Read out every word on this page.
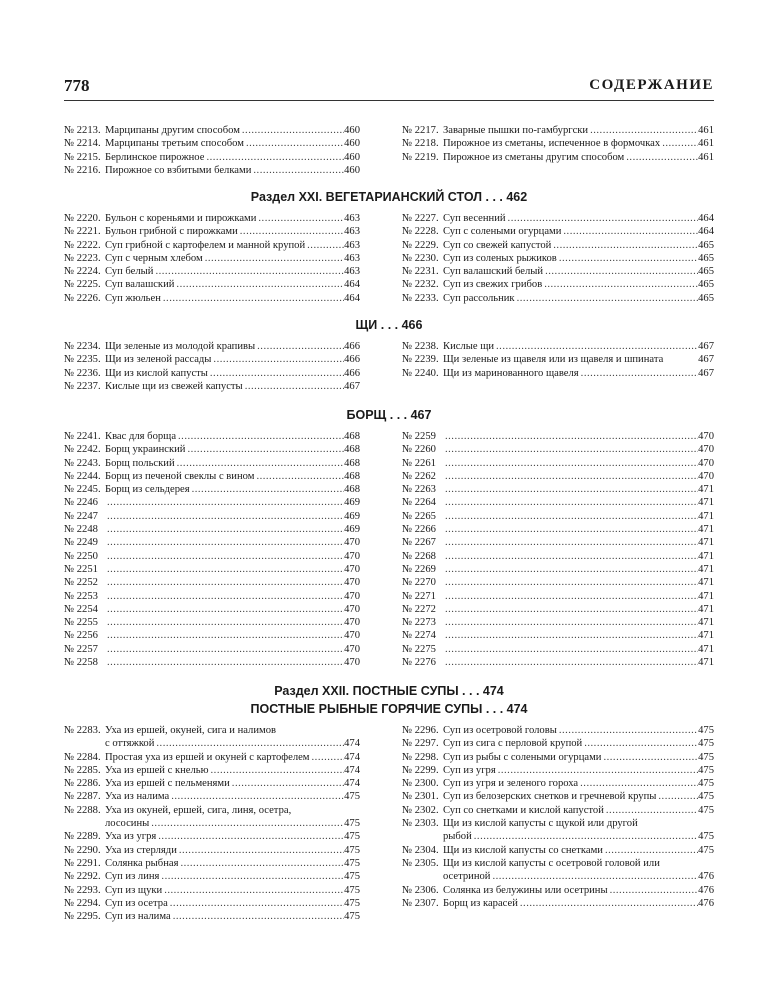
778	СОДЕРЖАНИЕ
№ 2213. Марципаны другим способом .....	460
№ 2214. Марципаны третьим способом .....	460
№ 2215. Берлинское пирожное .....	460
№ 2216. Пирожное со взбитыми белками .....	460
№ 2217. Заварные пышки по-гамбургски .....	461
№ 2218. Пирожное из сметаны, испеченное в формочках .....	461
№ 2219. Пирожное из сметаны другим способом .....	461
Раздел XXI. ВЕГЕТАРИАНСКИЙ СТОЛ . . . 462
№ 2220. Бульон с кореньями и пирожками .....	463
№ 2221. Бульон грибной с пирожками .....	463
№ 2222. Суп грибной с картофелем и манной крупой .....	463
№ 2223. Суп с черным хлебом .....	463
№ 2224. Суп белый .....	463
№ 2225. Суп валашский .....	464
№ 2226. Суп жюльен .....	464
№ 2227. Суп весенний .....	464
№ 2228. Суп с солеными огурцами .....	464
№ 2229. Суп со свежей капустой .....	465
№ 2230. Суп из соленых рыжиков .....	465
№ 2231. Суп валашский белый .....	465
№ 2232. Суп из свежих грибов .....	465
№ 2233. Суп рассольник .....	465
ЩИ . . . 466
№ 2234. Щи зеленые из молодой крапивы .....	466
№ 2235. Щи из зеленой рассады .....	466
№ 2236. Щи из кислой капусты .....	466
№ 2237. Кислые щи из свежей капусты .....	467
№ 2238. Кислые щи .....	467
№ 2239. Щи зеленые из щавеля или из щавеля и шпината	467
№ 2240. Щи из маринованного щавеля .....	467
БОРЩ . . . 467
№ 2241. Квас для борща .....	468
№ 2242. Борщ украинский .....	468
№ 2243. Борщ польский .....	468
№ 2244. Борщ из печеной свеклы с вином .....	468
№ 2245. Борщ из сельдерея .....	468
№ 2246 .....	469
№ 2247 .....	469
№ 2248 .....	469
№ 2249 .....	470
№ 2250 .....	470
№ 2251 .....	470
№ 2252 .....	470
№ 2253 .....	470
№ 2254 .....	470
№ 2255 .....	470
№ 2256 .....	470
№ 2257 .....	470
№ 2258 .....	470
№ 2259 .....	470
№ 2260 .....	470
№ 2261 .....	470
№ 2262 .....	470
№ 2263 .....	471
№ 2264 .....	471
№ 2265 .....	471
№ 2266 .....	471
№ 2267 .....	471
№ 2268 .....	471
№ 2269 .....	471
№ 2270 .....	471
№ 2271 .....	471
№ 2272 .....	471
№ 2273 .....	471
№ 2274 .....	471
№ 2275 .....	471
№ 2276 .....	471
Раздел XXII. ПОСТНЫЕ СУПЫ . . . 474
ПОСТНЫЕ РЫБНЫЕ ГОРЯЧИЕ СУПЫ . . . 474
№ 2283. Уха из ершей, окуней, сига и налимов
с оттяжкой .....	474
№ 2284. Простая уха из ершей и окуней с картофелем .....	474
№ 2285. Уха из ершей с кнелью .....	474
№ 2286. Уха из ершей с пельменями .....	474
№ 2287. Уха из налима .....	475
№ 2288. Уха из окуней, ершей, сига, линя, осетра,
лососины .....	475
№ 2289. Уха из угря .....	475
№ 2290. Уха из стерляди .....	475
№ 2291. Солянка рыбная .....	475
№ 2292. Суп из линя .....	475
№ 2293. Суп из щуки .....	475
№ 2294. Суп из осетра .....	475
№ 2295. Суп из налима .....	475
№ 2296. Суп из осетровой головы .....	475
№ 2297. Суп из сига с перловой крупой .....	475
№ 2298. Суп из рыбы с солеными огурцами .....	475
№ 2299. Суп из угря .....	475
№ 2300. Суп из угря и зеленого гороха .....	475
№ 2301. Суп из белозерских снетков и гречневой крупы .....	475
№ 2302. Суп со снетками и кислой капустой .....	475
№ 2303. Щи из кислой капусты с щукой или другой
рыбой .....	475
№ 2304. Щи из кислой капусты со снетками .....	475
№ 2305. Щи из кислой капусты с осетровой головой или
осетриной .....	476
№ 2306. Солянка из белужины или осетрины .....	476
№ 2307. Борщ из карасей .....	476
